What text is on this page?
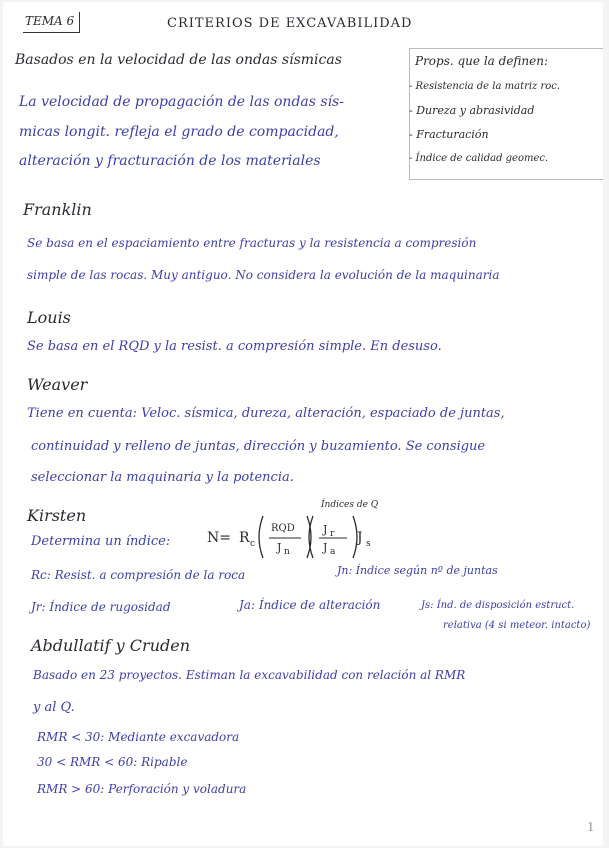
TEMA 6	CRITERIOS DE EXCAVABILIDAD
Basados en la velocidad de las ondas sísmicas
La velocidad de propagación de las ondas sís-
micas longit. refleja el grado de compacidad,
alteración y fracturación de los materiales
Props. que la definen:
- Resistencia de la matriz roc.
- Dureza y abrasividad
- Fracturación
- Índice de calidad geomec.
Franklin
Se basa en el espaciamiento entre fracturas y la resistencia a compresión
simple de las rocas. Muy antiguo. No considera la evolución de la maquinaria
Louis
Se basa en el RQD y la resist. a compresión simple. En desuso.
Weaver
Tiene en cuenta: Veloc. sísmica, dureza, alteración, espaciado de juntas,
continuidad y relleno de juntas, dirección y buzamiento. Se consigue
seleccionar la maquinaria y la potencia.
Kirsten
Índices de Q
Determina un índice:	N= R c
RQD
J n
J r
J a
J s
Rc: Resist. a compresión de la roca	Jn: Índice según nº de juntas
Jr: Índice de rugosidad	Ja: Índice de alteración	Js: Índ. de disposición estruct.
relativa (4 si meteor. intacto)
Abdullatif y Cruden
Basado en 23 proyectos. Estiman la excavabilidad con relación al RMR
y al Q.
RMR < 30: Mediante excavadora
30 < RMR < 60: Ripable
RMR > 60: Perforación y voladura
1
